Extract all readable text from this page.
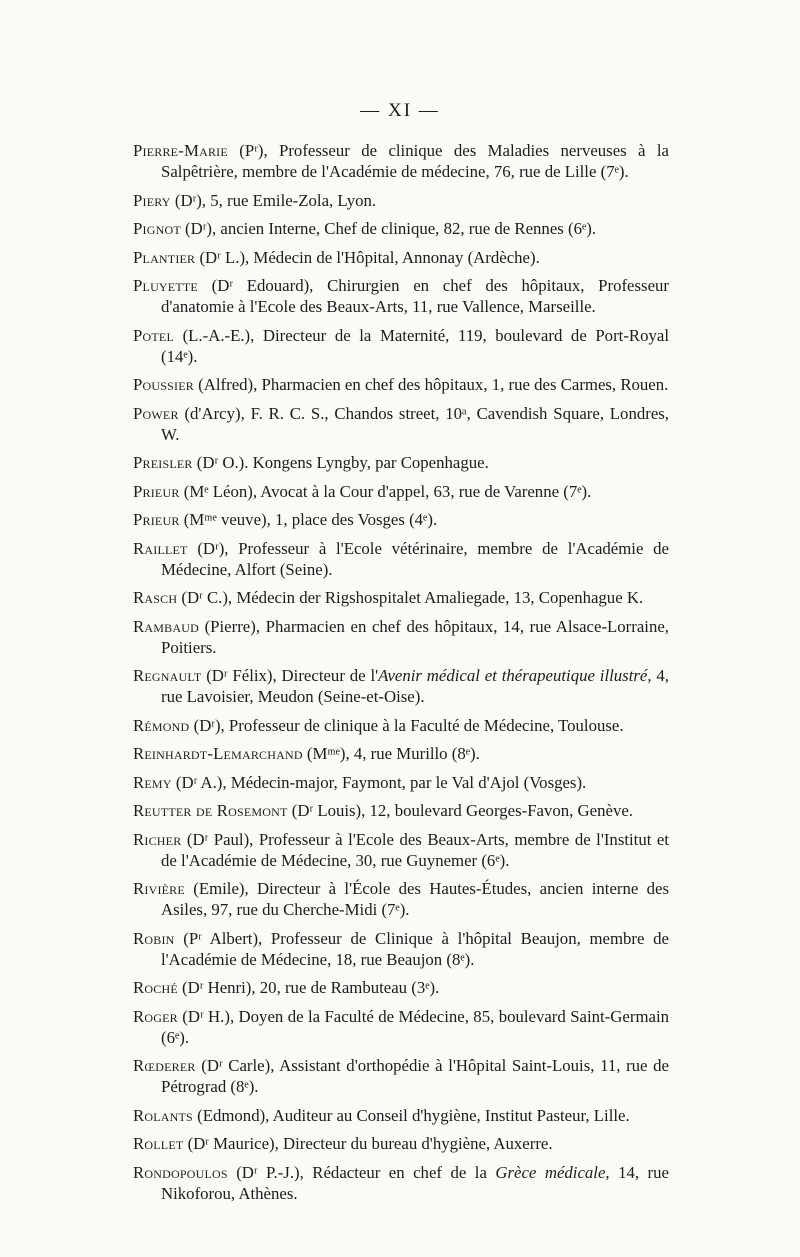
— XI —
Pierre-Marie (Pʳ), Professeur de clinique des Maladies nerveuses à la Salpêtrière, membre de l'Académie de médecine, 76, rue de Lille (7ᵉ).
Piery (Dʳ), 5, rue Emile-Zola, Lyon.
Pignot (Dʳ), ancien Interne, Chef de clinique, 82, rue de Rennes (6ᵉ).
Plantier (Dʳ L.), Médecin de l'Hôpital, Annonay (Ardèche).
Pluyette (Dʳ Edouard), Chirurgien en chef des hôpitaux, Professeur d'anatomie à l'Ecole des Beaux-Arts, 11, rue Vallence, Marseille.
Potel (L.-A.-E.), Directeur de la Maternité, 119, boulevard de Port-Royal (14ᵉ).
Poussier (Alfred), Pharmacien en chef des hôpitaux, 1, rue des Carmes, Rouen.
Power (d'Arcy), F. R. C. S., Chandos street, 10ᵃ, Cavendish Square, Londres, W.
Preisler (Dʳ O.). Kongens Lyngby, par Copenhague.
Prieur (Mᵉ Léon), Avocat à la Cour d'appel, 63, rue de Varenne (7ᵉ).
Prieur (Mᵐᵉ veuve), 1, place des Vosges (4ᵉ).
Raillet (Dʳ), Professeur à l'Ecole vétérinaire, membre de l'Académie de Médecine, Alfort (Seine).
Rasch (Dʳ C.), Médecin der Rigshospitalet Amaliegade, 13, Copenhague K.
Rambaud (Pierre), Pharmacien en chef des hôpitaux, 14, rue Alsace-Lorraine, Poitiers.
Regnault (Dʳ Félix), Directeur de l'Avenir médical et thérapeutique illustré, 4, rue Lavoisier, Meudon (Seine-et-Oise).
Rémond (Dʳ), Professeur de clinique à la Faculté de Médecine, Toulouse.
Reinhardt-Lemarchand (Mᵐᵉ), 4, rue Murillo (8ᵉ).
Remy (Dʳ A.), Médecin-major, Faymont, par le Val d'Ajol (Vosges).
Reutter de Rosemont (Dʳ Louis), 12, boulevard Georges-Favon, Genève.
Richer (Dʳ Paul), Professeur à l'Ecole des Beaux-Arts, membre de l'Institut et de l'Académie de Médecine, 30, rue Guynemer (6ᵉ).
Rivière (Emile), Directeur à l'École des Hautes-Études, ancien interne des Asiles, 97, rue du Cherche-Midi (7ᵉ).
Robin (Pʳ Albert), Professeur de Clinique à l'hôpital Beaujon, membre de l'Académie de Médecine, 18, rue Beaujon (8ᵉ).
Roché (Dʳ Henri), 20, rue de Rambuteau (3ᵉ).
Roger (Dʳ H.), Doyen de la Faculté de Médecine, 85, boulevard Saint-Germain (6ᵉ).
Rœderer (Dʳ Carle), Assistant d'orthopédie à l'Hôpital Saint-Louis, 11, rue de Pétrograd (8ᵉ).
Rolants (Edmond), Auditeur au Conseil d'hygiène, Institut Pasteur, Lille.
Rollet (Dʳ Maurice), Directeur du bureau d'hygiène, Auxerre.
Rondopoulos (Dʳ P.-J.), Rédacteur en chef de la Grèce médicale, 14, rue Nikoforou, Athènes.
